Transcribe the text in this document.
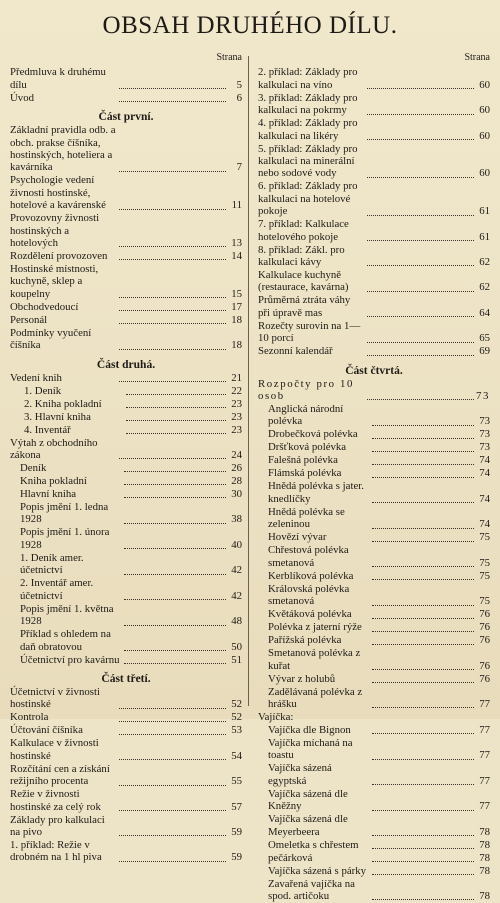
OBSAH DRUHÉHO DÍLU.
Strana
Předmluva k druhému dílu	5
Úvod	6
Část první.
Základní pravidla odb. a obch. prakse číšníka, hostinských, hoteliera a kavárníka	7
Psychologie vedení živnosti hostinské, hotelové a kavárenské	11
Provozovny živnosti hostinských a hotelových	13
Rozdělení provozoven	14
Hostinské místnosti, kuchyně, sklep a koupelny	15
Obchodvedoucí	17
Personál	18
Podmínky vyučení číšníka	18
Část druhá.
Vedení knih	21
1. Deník	22
2. Kniha pokladní	23
3. Hlavní kniha	23
4. Inventář	23
Výtah z obchodního zákona	24
Deník	26
Kniha pokladní	28
Hlavní kniha	30
Popis jmění 1. ledna 1928	38
Popis jmění 1. února 1928	40
1. Deník amer. účetnictví	42
2. Inventář amer. účetnictví	42
Popis jmění 1. května 1928	48
Příklad s ohledem na daň obratovou	50
Účetnictví pro kavárnu	51
Část třetí.
Účetnictví v živnosti hostinské	52
Kontrola	52
Účtování číšníka	53
Kalkulace v živnosti hostinské	54
Rozčítání cen a získání režijního procenta	55
Režie v živnosti hostinské za celý rok	57
Základy pro kalkulaci na pivo	59
1. příklad: Režie v drobném na 1 hl piva	59
Strana
2. příklad: Základy pro kalkulaci na víno	60
3. příklad: Základy pro kalkulaci na pokrmy	60
4. příklad: Základy pro kalkulaci na likéry	60
5. příklad: Základy pro kalkulaci na minerální nebo sodové vody	60
6. příklad: Základy pro kalkulaci na hotelové pokoje	61
7. příklad: Kalkulace hotelového pokoje	61
8. příklad: Zákl. pro kalkulaci kávy	62
Kalkulace kuchyně (restaurace, kavárna)	62
Průměrná ztráta váhy při úpravě mas	64
Rozečty surovin na 1—10 porcí	65
Sezonní kalendář	69
Část čtvrtá.
Rozpočty pro 10 osob	73
Anglická národní polévka	73
Drobečková polévka	73
Dršťková polévka	73
Falešná polévka	74
Flámská polévka	74
Hnědá polévka s jater. knedlíčky	74
Hnědá polévka se zeleninou	74
Hovězí vývar	75
Chřestová polévka smetanová	75
Kerblíková polévka	75
Královská polévka smetanová	75
Květáková polévka	76
Polévka z jaterní rýže	76
Pařížská polévka	76
Smetanová polévka z kuřat	76
Vývar z holubů	76
Zadělávaná polévka z hrášku	77
Vajíčka:
Vajíčka dle Bignon	77
Vajíčka míchaná na toastu	77
Vajíčka sázená egyptská	77
Vajíčka sázená dle Kněžny	77
Vajíčka sázená dle Meyerbeera	78
Omeletka s chřestem	78
pečárková	78
Vajíčka sázená s párky	78
Zavařená vajíčka na spod. artičoku	78
